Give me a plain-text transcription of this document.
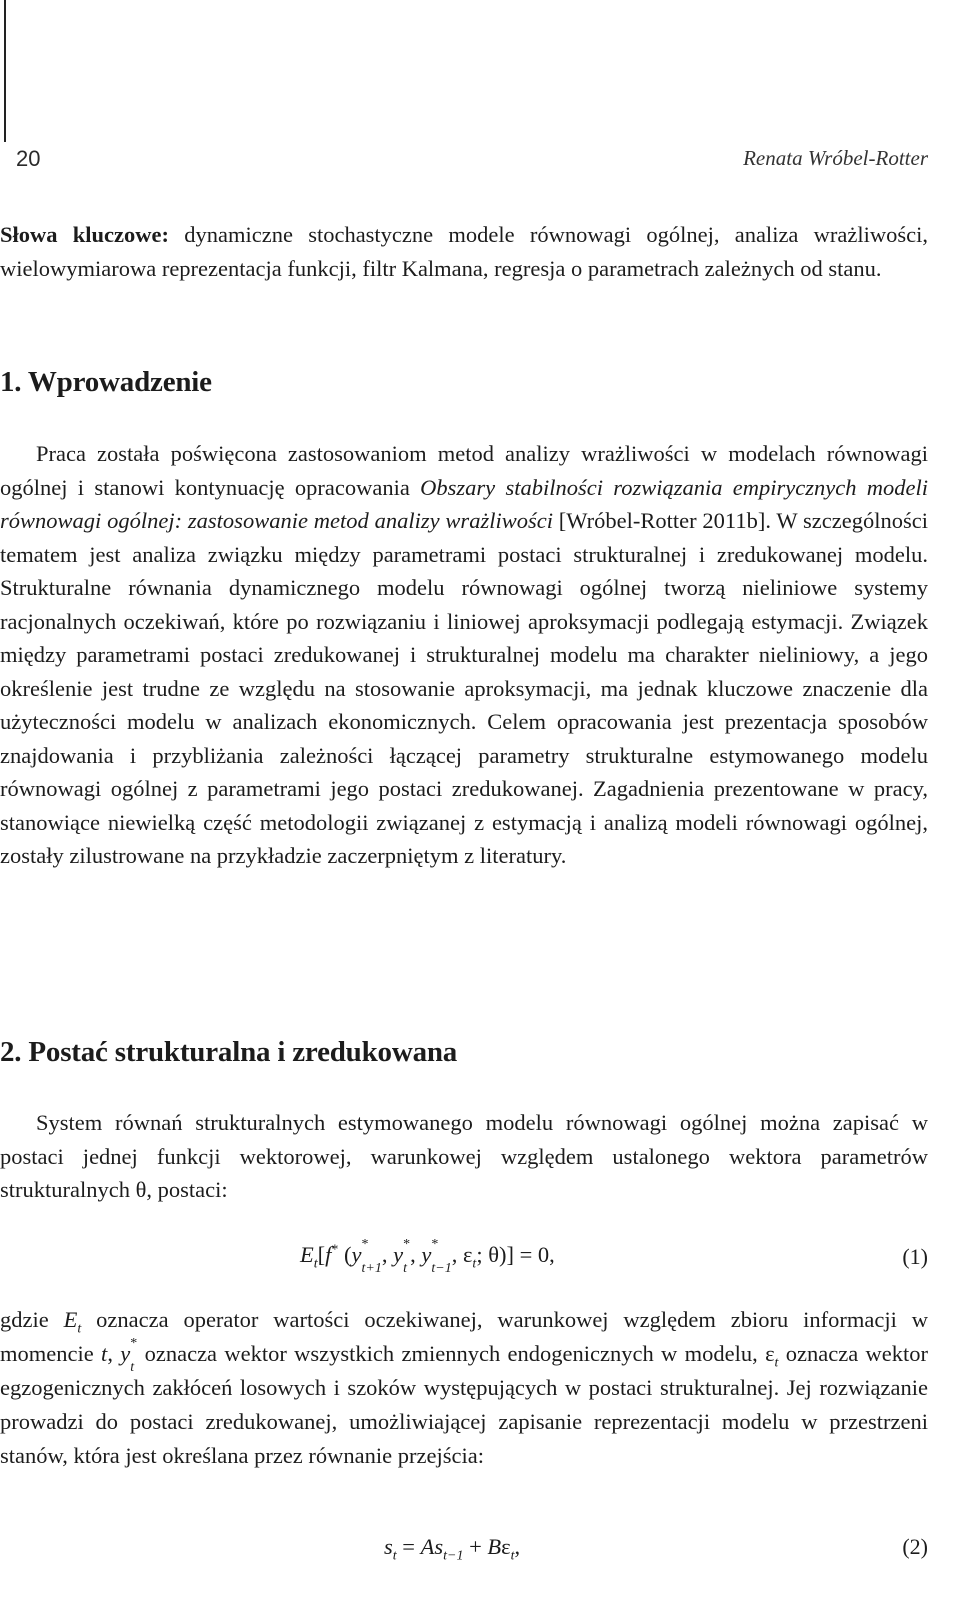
20	Renata Wróbel-Rotter
Słowa kluczowe: dynamiczne stochastyczne modele równowagi ogólnej, analiza wrażliwości, wielowymiarowa reprezentacja funkcji, filtr Kalmana, regresja o parametrach zależnych od stanu.
1. Wprowadzenie
Praca została poświęcona zastosowaniom metod analizy wrażliwości w modelach równowagi ogólnej i stanowi kontynuację opracowania Obszary stabilności rozwiązania empirycznych modeli równowagi ogólnej: zastosowanie metod analizy wrażliwości [Wróbel-Rotter 2011b]. W szczególności tematem jest analiza związku między parametrami postaci strukturalnej i zredukowanej modelu. Strukturalne równania dynamicznego modelu równowagi ogólnej tworzą nieliniowe systemy racjonalnych oczekiwań, które po rozwiązaniu i liniowej aproksymacji podlegają estymacji. Związek między parametrami postaci zredukowanej i strukturalnej modelu ma charakter nieliniowy, a jego określenie jest trudne ze względu na stosowanie aproksymacji, ma jednak kluczowe znaczenie dla użyteczności modelu w analizach ekonomicznych. Celem opracowania jest prezentacja sposobów znajdowania i przybliżania zależności łączącej parametry strukturalne estymowanego modelu równowagi ogólnej z parametrami jego postaci zredukowanej. Zagadnienia prezentowane w pracy, stanowiące niewielką część metodologii związanej z estymacją i analizą modeli równowagi ogólnej, zostały zilustrowane na przykładzie zaczerpniętym z literatury.
2. Postać strukturalna i zredukowana
System równań strukturalnych estymowanego modelu równowagi ogólnej można zapisać w postaci jednej funkcji wektorowej, warunkowej względem ustalonego wektora parametrów strukturalnych θ, postaci:
$E_t[f^*$ (y *
t+1
, y *
t
, y *
t−1
, $\varepsilon_t$; θ)] = 0,	(1)
gdzie $E_t$ oznacza operator wartości oczekiwanej, warunkowej względem zbioru informacji w momencie t, y *
t
oznacza wektor wszystkich zmiennych endogenicznych w modelu, $\varepsilon_t$ oznacza wektor egzogenicznych zakłóceń losowych i szoków występujących w postaci strukturalnej. Jej rozwiązanie prowadzi do postaci zredukowanej, umożliwiającej zapisanie reprezentacji modelu w przestrzeni stanów, która jest określana przez równanie przejścia:
$s_t = As_{t-1} + B\varepsilon_t$,	(2)
